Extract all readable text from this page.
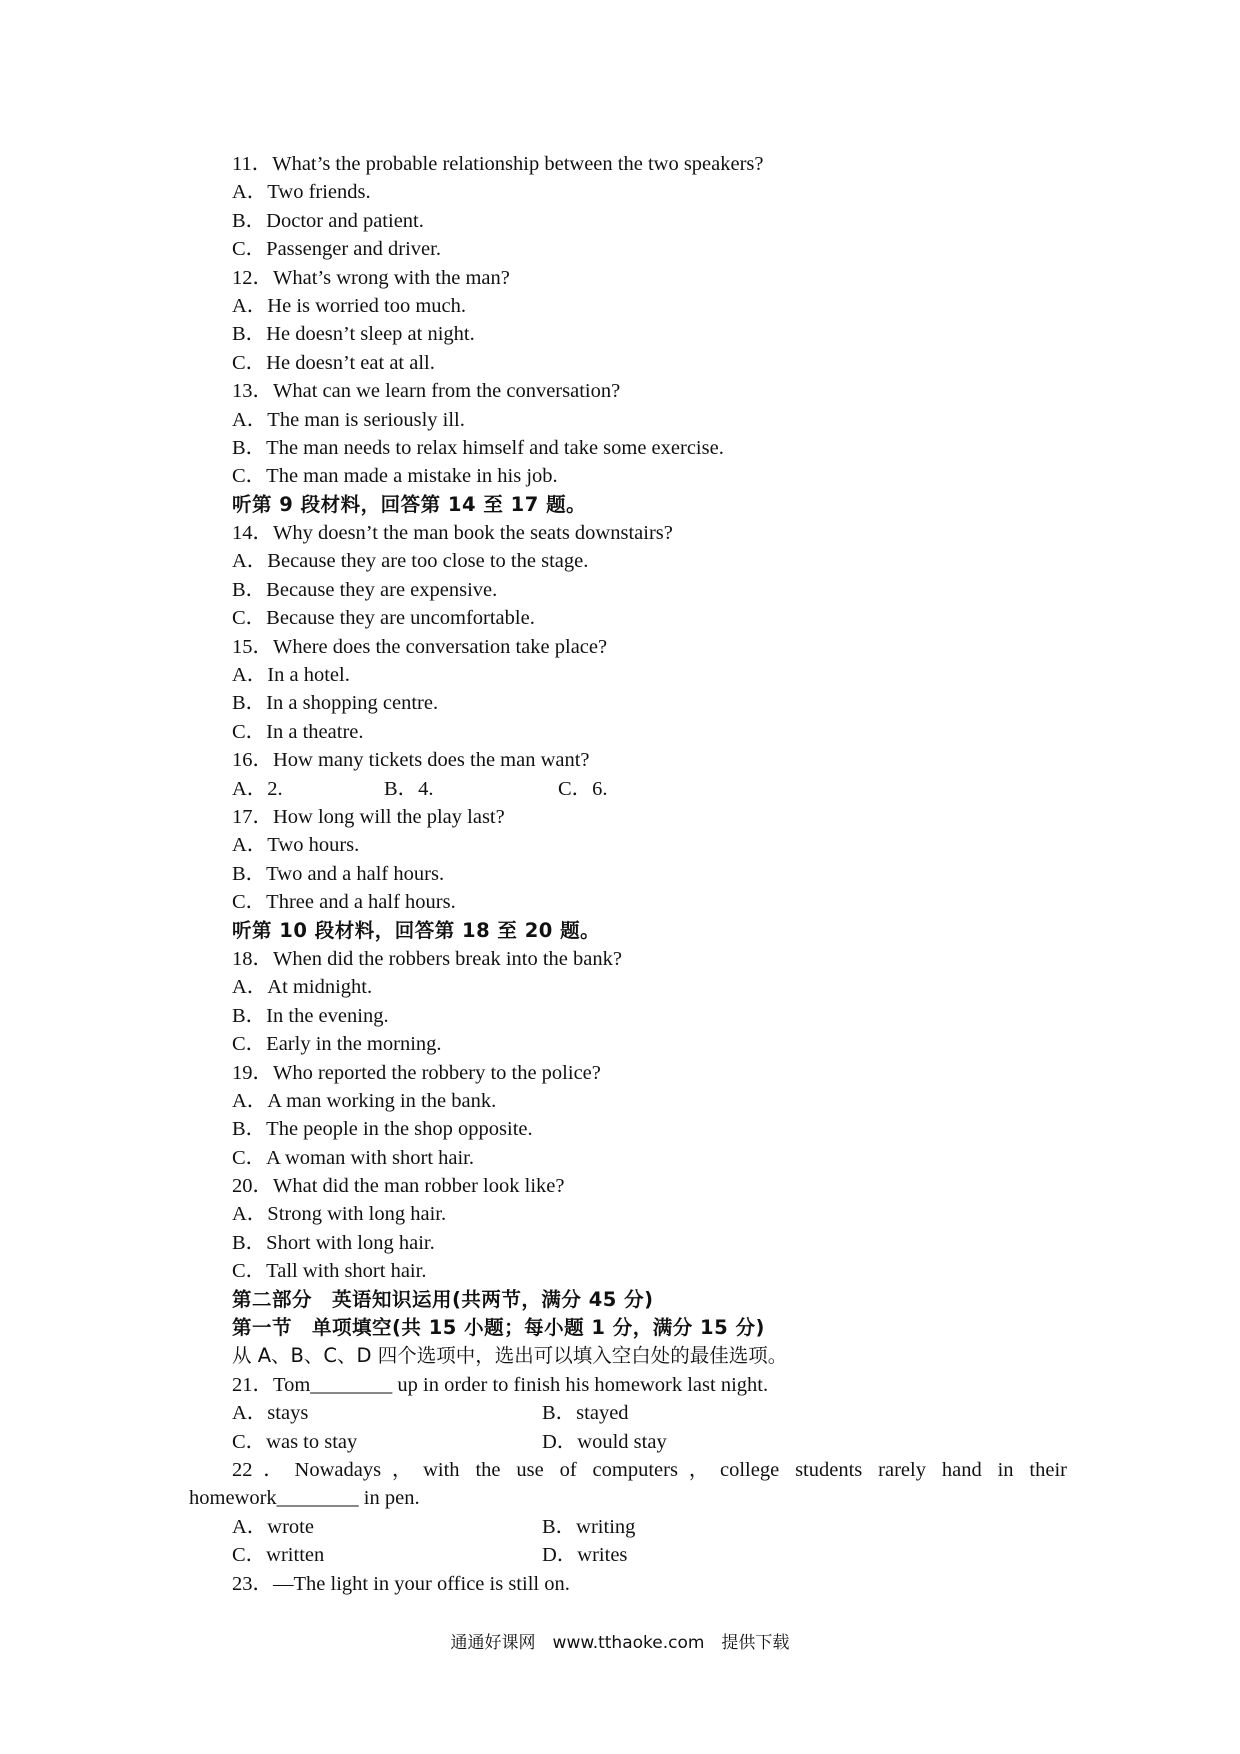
11．What’s the probable relationship between the two speakers?
A．Two friends.
B．Doctor and patient.
C．Passenger and driver.
12．What’s wrong with the man?
A．He is worried too much.
B．He doesn’t sleep at night.
C．He doesn’t eat at all.
13．What can we learn from the conversation?
A．The man is seriously ill.
B．The man needs to relax himself and take some exercise.
C．The man made a mistake in his job.
听第 9 段材料，回答第 14 至 17 题。
14．Why doesn’t the man book the seats downstairs?
A．Because they are too close to the stage.
B．Because they are expensive.
C．Because they are uncomfortable.
15．Where does the conversation take place?
A．In a hotel.
B．In a shopping centre.
C．In a theatre.
16．How many tickets does the man want?
A．2.	B．4.	C．6.
17．How long will the play last?
A．Two hours.
B．Two and a half hours.
C．Three and a half hours.
听第 10 段材料，回答第 18 至 20 题。
18．When did the robbers break into the bank?
A．At midnight.
B．In the evening.
C．Early in the morning.
19．Who reported the robbery to the police?
A．A man working in the bank.
B．The people in the shop opposite.
C．A woman with short hair.
20．What did the man robber look like?
A．Strong with long hair.
B．Short with long hair.
C．Tall with short hair.
第二部分　英语知识运用(共两节，满分 45 分)
第一节　单项填空(共 15 小题；每小题 1 分，满分 15 分)
从 A、B、C、D 四个选项中，选出可以填入空白处的最佳选项。
21．Tom________ up in order to finish his homework last night.
A．stays	B．stayed
C．was to stay	D．would stay
22．Nowadays，with the use of computers，college students rarely hand in their
homework________ in pen.
A．wrote	B．writing
C．written	D．writes
23．—The light in your office is still on.
通通好课网　www.tthaoke.com　提供下载
